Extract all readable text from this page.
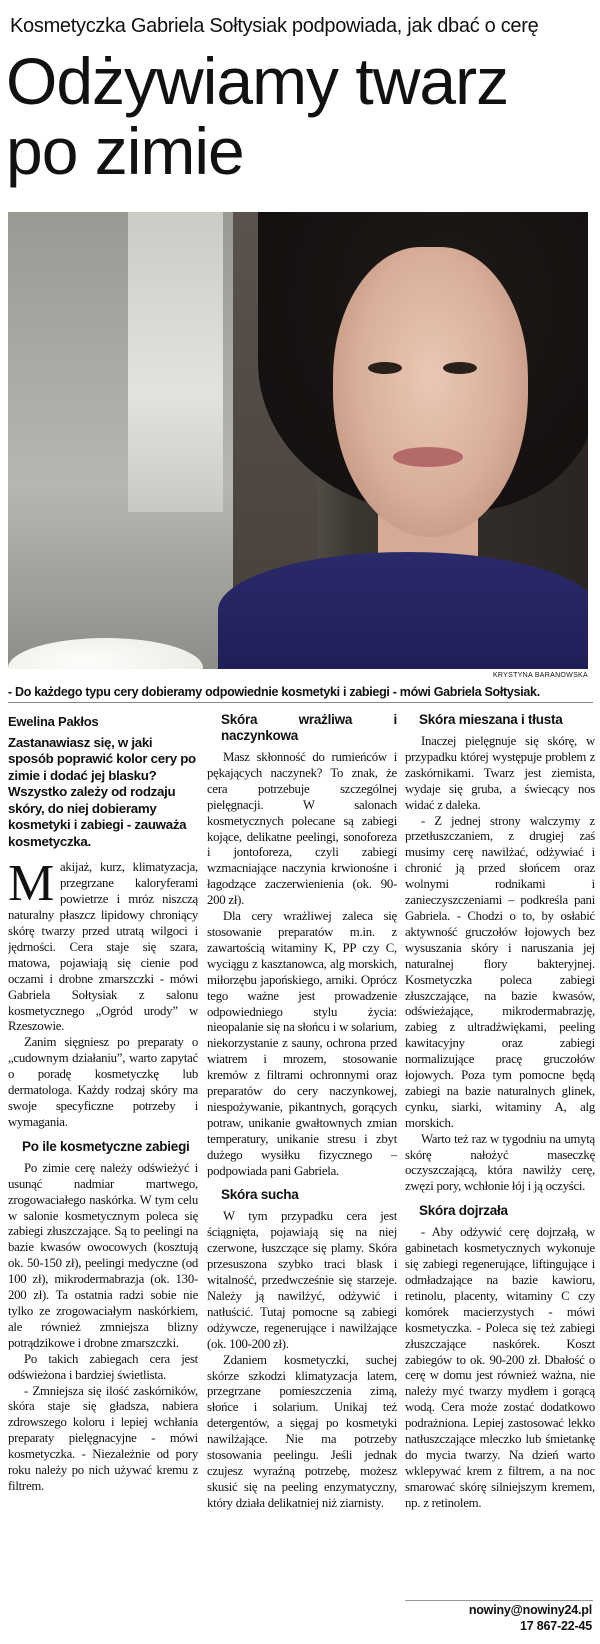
Kosmetyczka Gabriela Sołtysiak podpowiada, jak dbać o cerę
Odżywiamy twarz po zimie
KRYSTYNA BARANOWSKA
- Do każdego typu cery dobieramy odpowiednie kosmetyki i zabiegi - mówi Gabriela Sołtysiak.
Ewelina Pakłos
Zastanawiasz się, w jaki sposób poprawić kolor cery po zimie i dodać jej blasku? Wszystko zależy od rodzaju skóry, do niej dobieramy kosmetyki i zabiegi - zauważa kosmetyczka.
M akijaż, kurz, klimatyzacja, przegrzane kaloryferami powietrze i mróz niszczą naturalny płaszcz lipidowy chroniący skórę twarzy przed utratą wilgoci i jędrności. Cera staje się szara, matowa, pojawiają się cienie pod oczami i drobne zmarszczki - mówi Gabriela Sołtysiak z salonu kosmetycznego „Ogród urody” w Rzeszowie.

Zanim sięgniesz po preparaty o „cudownym działaniu”, warto zapytać o poradę kosmetyczkę lub dermatologa. Każdy rodzaj skóry ma swoje specyficzne potrzeby i wymagania.

Po ile kosmetyczne zabiegi

Po zimie cerę należy odświeżyć i usunąć nadmiar martwego, zrogowaciałego naskórka. W tym celu w salonie kosmetycznym poleca się zabiegi złuszczające. Są to peelingi na bazie kwasów owocowych (kosztują ok. 50-150 zł), peelingi medyczne (od 100 zł), mikrodermabrazja (ok. 130-200 zł). Ta ostatnia radzi sobie nie tylko ze zrogowaciałym naskórkiem, ale również zmniejsza blizny potrądzikowe i drobne zmarszczki.

Po takich zabiegach cera jest odświeżona i bardziej świetlista.

- Zmniejsza się ilość zaskórników, skóra staje się gładsza, nabiera zdrowszego koloru i lepiej wchłania preparaty pielęgnacyjne - mówi kosmetyczka. - Niezależnie od pory roku należy po nich używać kremu z filtrem.

Skóra wrażliwa i naczynkowa

Masz skłonność do rumieńców i pękających naczynek? To znak, że cera potrzebuje szczególnej pielęgnacji. W salonach kosmetycznych polecane są zabiegi kojące, delikatne peelingi, sonoforeza i jontoforeza, czyli zabiegi wzmacniające naczynia krwionośne i łagodzące zaczerwienienia (ok. 90-200 zł).

Dla cery wrażliwej zaleca się stosowanie preparatów m.in. z zawartością witaminy K, PP czy C, wyciągu z kasztanowca, alg morskich, miłorzębu japońskiego, arniki. Oprócz tego ważne jest prowadzenie odpowiedniego stylu życia: nieopalanie się na słońcu i w solarium, niekorzystanie z sauny, ochrona przed wiatrem i mrozem, stosowanie kremów z filtrami ochronnymi oraz preparatów do cery naczynkowej, niespożywanie, pikantnych, gorących potraw, unikanie gwałtownych zmian temperatury, unikanie stresu i zbyt dużego wysiłku fizycznego – podpowiada pani Gabriela.

Skóra sucha

W tym przypadku cera jest ściągnięta, pojawiają się na niej czerwone, łuszczące się plamy. Skóra przesuszona szybko traci blask i witalność, przedwcześnie się starzeje. Należy ją nawilżyć, odżywić i natłuścić. Tutaj pomocne są zabiegi odżywcze, regenerujące i nawilżające (ok. 100-200 zł).

Zdaniem kosmetyczki, suchej skórze szkodzi klimatyzacja latem, przegrzane pomieszczenia zimą, słońce i solarium. Unikaj też detergentów, a sięgaj po kosmetyki nawilżające. Nie ma potrzeby stosowania peelingu. Jeśli jednak czujesz wyraźną potrzebę, możesz skusić się na peeling enzymatyczny, który działa delikatniej niż ziarnisty.

Skóra mieszana i tłusta

Inaczej pielęgnuje się skórę, w przypadku której występuje problem z zaskórnikami. Twarz jest ziemista, wydaje się gruba, a świecący nos widać z daleka.

- Z jednej strony walczymy z przetłuszczaniem, z drugiej zaś musimy cerę nawilżać, odżywiać i chronić ją przed słońcem oraz wolnymi rodnikami i zanieczyszczeniami – podkreśla pani Gabriela. - Chodzi o to, by osłabić aktywność gruczołów łojowych bez wysuszania skóry i naruszania jej naturalnej flory bakteryjnej. Kosmetyczka poleca zabiegi złuszczające, na bazie kwasów, odświeżające, mikrodermabrazję, zabieg z ultradźwiękami, peeling kawitacyjny oraz zabiegi normalizujące pracę gruczołów łojowych. Poza tym pomocne będą zabiegi na bazie naturalnych glinek, cynku, siarki, witaminy A, alg morskich.

Warto też raz w tygodniu na umytą skórę nałożyć maseczkę oczyszczającą, która nawilży cerę, zwęzi pory, wchłonie łój i ją oczyści.

Skóra dojrzała

- Aby odżywić cerę dojrzałą, w gabinetach kosmetycznych wykonuje się zabiegi regenerujące, liftingujące i odmładzające na bazie kawioru, retinolu, placenty, witaminy C czy komórek macierzystych - mówi kosmetyczka. - Poleca się też zabiegi złuszczające naskórek. Koszt zabiegów to ok. 90-200 zł. Dbałość o cerę w domu jest również ważna, nie należy myć twarzy mydłem i gorącą wodą. Cera może zostać dodatkowo podrażniona. Lepiej zastosować lekko natłuszczające mleczko lub śmietankę do mycia twarzy. Na dzień warto wklepywać krem z filtrem, a na noc smarować skórę silniejszym kremem, np. z retinolem.

nowiny@nowiny24.pl
17 867-22-45
